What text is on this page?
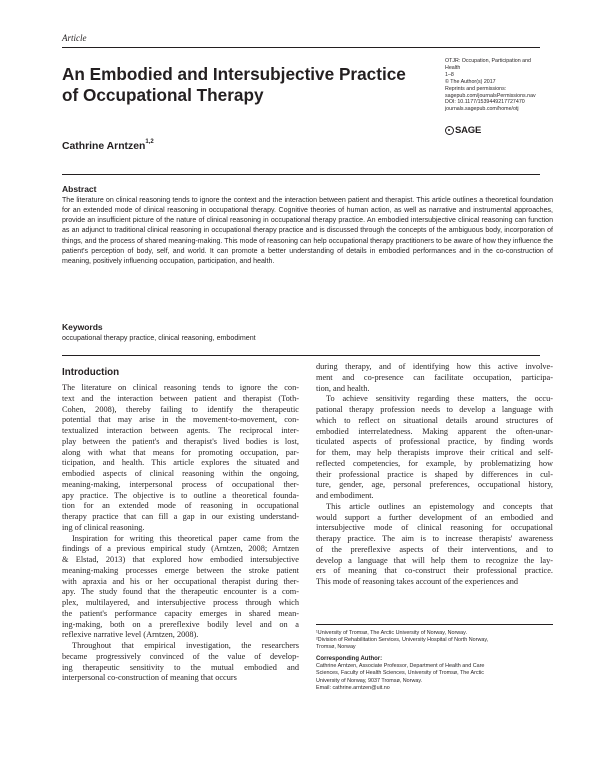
Article
An Embodied and Intersubjective Practice
of Occupational Therapy
OTJR: Occupation, Participation and
Health
1–8
© The Author(s) 2017
Reprints and permissions:
sagepub.com/journalsPermissions.nav
DOI: 10.1177/1539449217727470
journals.sagepub.com/home/otj
SAGE
Cathrine Arntzen$^{1,2}$
Abstract
The literature on clinical reasoning tends to ignore the context and the interaction between patient and therapist. This article outlines a theoretical foundation for an extended mode of clinical reasoning in occupational therapy. Cognitive theories of human action, as well as narrative and instrumental approaches, provide an insufficient picture of the nature of clinical reasoning in occupational therapy practice. An embodied intersubjective clinical reasoning can function as an adjunct to traditional clinical reasoning in occupational therapy practice and is discussed through the concepts of the ambiguous body, incorporation of things, and the process of shared meaning-making. This mode of reasoning can help occupational therapy practitioners to be aware of how they influence the patient's perception of body, self, and world. It can promote a better understanding of details in embodied performances and in the co-construction of meaning, positively influencing occupation, participation, and health.
Keywords
occupational therapy practice, clinical reasoning, embodiment
Introduction

The literature on clinical reasoning tends to ignore the con-
text and the interaction between patient and therapist (Toth-
Cohen, 2008), thereby failing to identify the therapeutic
potential that may arise in the movement-to-movement, con-
textualized interaction between agents. The reciprocal inter-
play between the patient's and therapist's lived bodies is lost,
along with what that means for promoting occupation, par-
ticipation, and health. This article explores the situated and
embodied aspects of clinical reasoning within the ongoing,
meaning-making, interpersonal process of occupational ther-
apy practice. The objective is to outline a theoretical founda-
tion for an extended mode of reasoning in occupational
therapy practice that can fill a gap in our existing understand-
ing of clinical reasoning.

Inspiration for writing this theoretical paper came from the
findings of a previous empirical study (Arntzen, 2008; Arntzen
& Elstad, 2013) that explored how embodied intersubjective
meaning-making processes emerge between the stroke patient
with apraxia and his or her occupational therapist during ther-
apy. The study found that the therapeutic encounter is a com-
plex, multilayered, and intersubjective process through which
the patient's performance capacity emerges in shared mean-
ing-making, both on a prereflexive bodily level and on a
reflexive narrative level (Arntzen, 2008).

Throughout that empirical investigation, the researchers
became progressively convinced of the value of develop-
ing therapeutic sensitivity to the mutual embodied and
interpersonal co-construction of meaning that occurs

during therapy, and of identifying how this active involve-
ment and co-presence can facilitate occupation, participa-
tion, and health.

To achieve sensitivity regarding these matters, the occu-
pational therapy profession needs to develop a language with
which to reflect on situational details around structures of
embodied interrelatedness. Making apparent the often-unar-
ticulated aspects of professional practice, by finding words
for them, may help therapists improve their critical and self-
reflected competencies, for example, by problematizing how
their professional practice is shaped by differences in cul-
ture, gender, age, personal preferences, occupational history,
and embodiment.

This article outlines an epistemology and concepts that
would support a further development of an embodied and
intersubjective mode of clinical reasoning for occupational
therapy practice. The aim is to increase therapists' awareness
of the prereflexive aspects of their interventions, and to
develop a language that will help them to recognize the lay-
ers of meaning that co-construct their professional practice.
This mode of reasoning takes account of the experiences and

¹University of Tromsø, The Arctic University of Norway, Norway.
²Division of Rehabilitation Services, University Hospital of North Norway,
Tromsø, Norway
Corresponding Author:
Cathrine Arntzen, Associate Professor, Department of Health and Care
Sciences, Faculty of Health Sciences, University of Tromsø, The Arctic
University of Norway, 9037 Tromsø, Norway.
Email: cathrine.arntzen@uit.no
